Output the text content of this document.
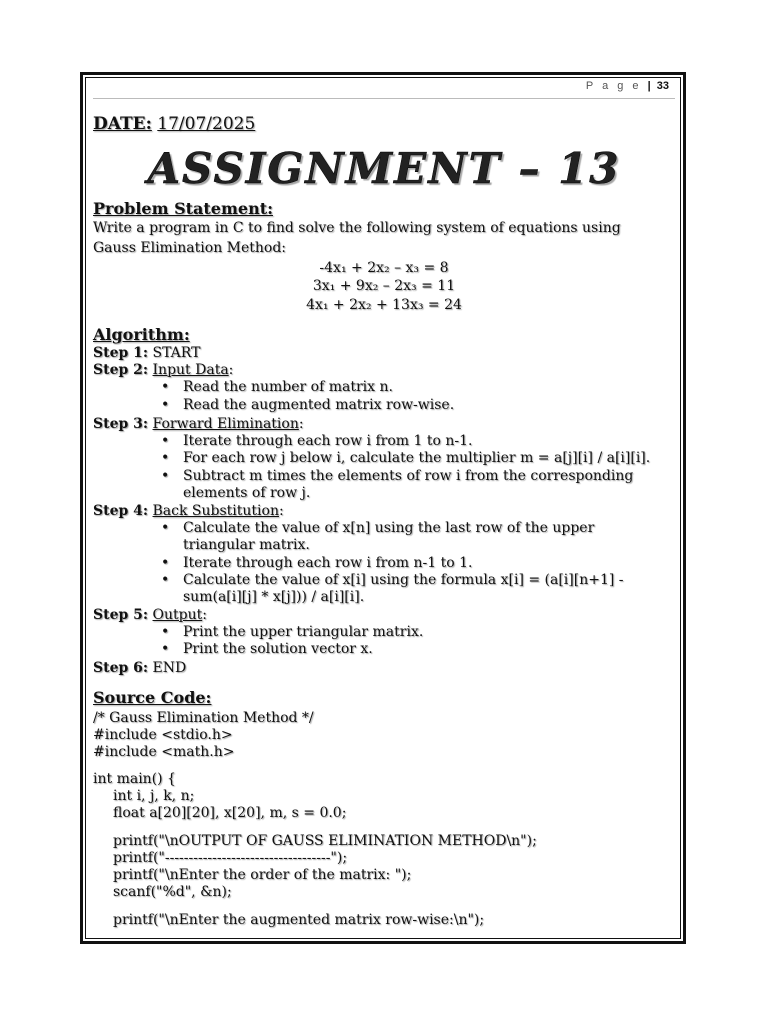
P a g e | 33
DATE: 17/07/2025
ASSIGNMENT – 13
Problem Statement:
Write a program in C to find solve the following system of equations using
Gauss Elimination Method:
-4x₁ + 2x₂ – x₃ = 8
3x₁ + 9x₂ – 2x₃ = 11
4x₁ + 2x₂ + 13x₃ = 24
Algorithm:
Step 1: START
Step 2: Input Data:
• Read the number of matrix n.
• Read the augmented matrix row-wise.
Step 3: Forward Elimination:
• Iterate through each row i from 1 to n-1.
• For each row j below i, calculate the multiplier m = a[j][i] / a[i][i].
• Subtract m times the elements of row i from the corresponding
elements of row j.
Step 4: Back Substitution:
• Calculate the value of x[n] using the last row of the upper
triangular matrix.
• Iterate through each row i from n-1 to 1.
• Calculate the value of x[i] using the formula x[i] = (a[i][n+1] -
sum(a[i][j] * x[j])) / a[i][i].
Step 5: Output:
• Print the upper triangular matrix.
• Print the solution vector x.
Step 6: END
Source Code:
/* Gauss Elimination Method */
#include <stdio.h>
#include <math.h>
int main() {
int i, j, k, n;
float a[20][20], x[20], m, s = 0.0;
printf("\nOUTPUT OF GAUSS ELIMINATION METHOD\n");
printf("-----------------------------------");
printf("\nEnter the order of the matrix: ");
scanf("%d", &n);
printf("\nEnter the augmented matrix row-wise:\n");
